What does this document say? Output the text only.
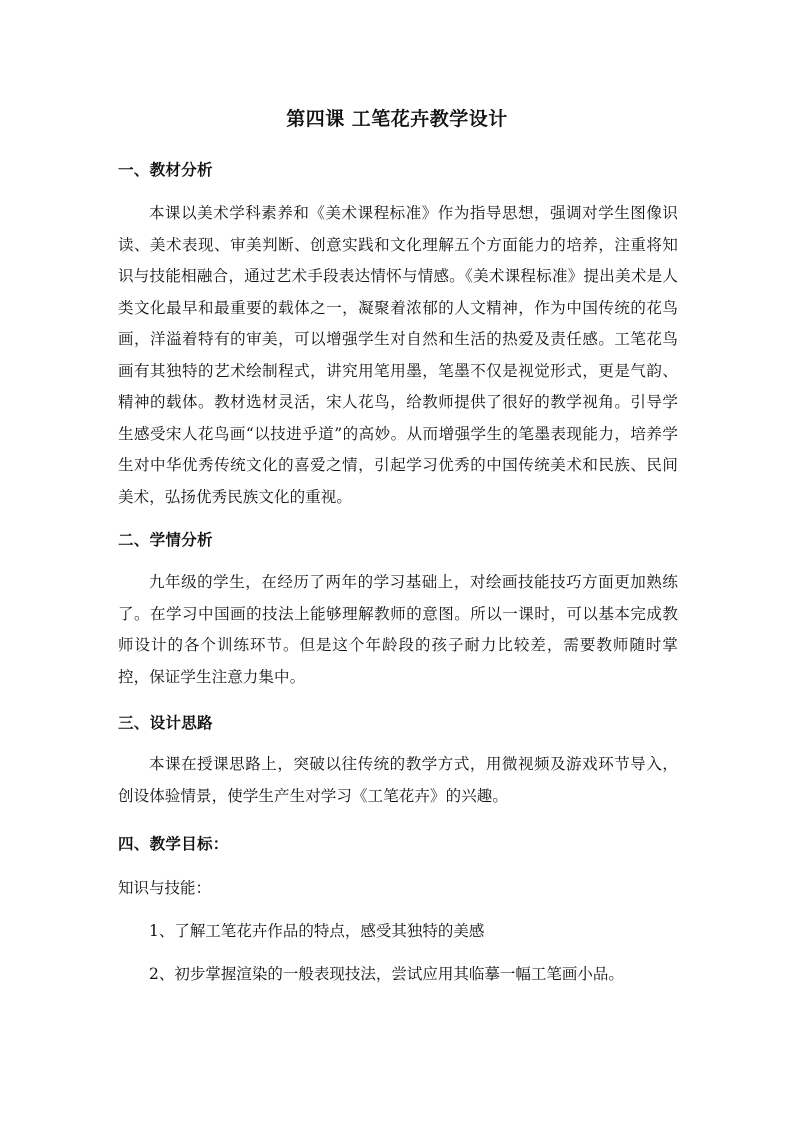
第四课 工笔花卉教学设计
一、教材分析

本课以美术学科素养和《美术课程标准》作为指导思想，强调对学生图像识读、美术表现、审美判断、创意实践和文化理解五个方面能力的培养，注重将知识与技能相融合，通过艺术手段表达情怀与情感。《美术课程标准》提出美术是人类文化最早和最重要的载体之一，凝聚着浓郁的人文精神，作为中国传统的花鸟画，洋溢着特有的审美，可以增强学生对自然和生活的热爱及责任感。工笔花鸟画有其独特的艺术绘制程式，讲究用笔用墨，笔墨不仅是视觉形式，更是气韵、精神的载体。教材选材灵活，宋人花鸟，给教师提供了很好的教学视角。引导学生感受宋人花鸟画“以技进乎道”的高妙。从而增强学生的笔墨表现能力，培养学生对中华优秀传统文化的喜爱之情，引起学习优秀的中国传统美术和民族、民间美术，弘扬优秀民族文化的重视。

二、学情分析

九年级的学生，在经历了两年的学习基础上，对绘画技能技巧方面更加熟练了。在学习中国画的技法上能够理解教师的意图。所以一课时，可以基本完成教师设计的各个训练环节。但是这个年龄段的孩子耐力比较差，需要教师随时掌控，保证学生注意力集中。

三、设计思路

本课在授课思路上，突破以往传统的教学方式，用微视频及游戏环节导入，创设体验情景，使学生产生对学习《工笔花卉》的兴趣。

四、教学目标：
知识与技能：
1、了解工笔花卉作品的特点，感受其独特的美感
2、初步掌握渲染的一般表现技法，尝试应用其临摹一幅工笔画小品。
